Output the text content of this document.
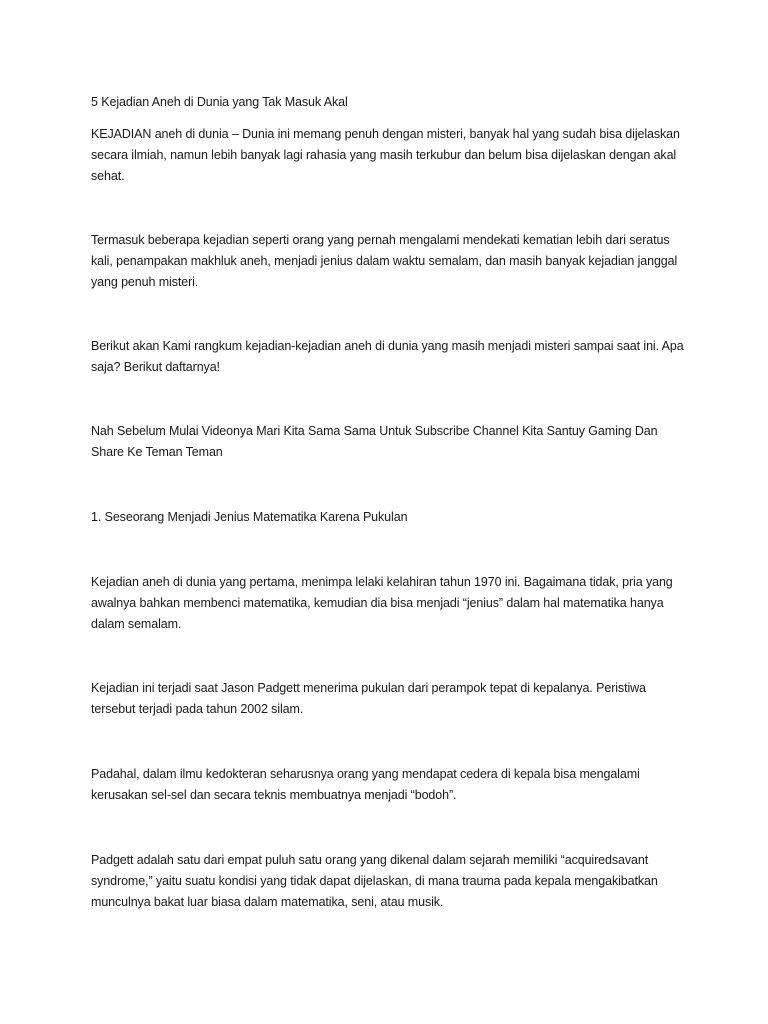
5 Kejadian Aneh di Dunia yang Tak Masuk Akal

KEJADIAN aneh di dunia – Dunia ini memang penuh dengan misteri, banyak hal yang sudah bisa dijelaskan secara ilmiah, namun lebih banyak lagi rahasia yang masih terkubur dan belum bisa dijelaskan dengan akal sehat.

Termasuk beberapa kejadian seperti orang yang pernah mengalami mendekati kematian lebih dari seratus kali, penampakan makhluk aneh, menjadi jenius dalam waktu semalam, dan masih banyak kejadian janggal yang penuh misteri.

Berikut akan Kami rangkum kejadian-kejadian aneh di dunia yang masih menjadi misteri sampai saat ini. Apa saja? Berikut daftarnya!

Nah Sebelum Mulai Videonya Mari Kita Sama Sama Untuk Subscribe Channel Kita Santuy Gaming Dan Share Ke Teman Teman

1. Seseorang Menjadi Jenius Matematika Karena Pukulan

Kejadian aneh di dunia yang pertama, menimpa lelaki kelahiran tahun 1970 ini. Bagaimana tidak, pria yang awalnya bahkan membenci matematika, kemudian dia bisa menjadi “jenius” dalam hal matematika hanya dalam semalam.

Kejadian ini terjadi saat Jason Padgett menerima pukulan dari perampok tepat di kepalanya. Peristiwa tersebut terjadi pada tahun 2002 silam.

Padahal, dalam ilmu kedokteran seharusnya orang yang mendapat cedera di kepala bisa mengalami kerusakan sel-sel dan secara teknis membuatnya menjadi “bodoh”.

Padgett adalah satu dari empat puluh satu orang yang dikenal dalam sejarah memiliki “acquiredsavant syndrome,” yaitu suatu kondisi yang tidak dapat dijelaskan, di mana trauma pada kepala mengakibatkan munculnya bakat luar biasa dalam matematika, seni, atau musik.
